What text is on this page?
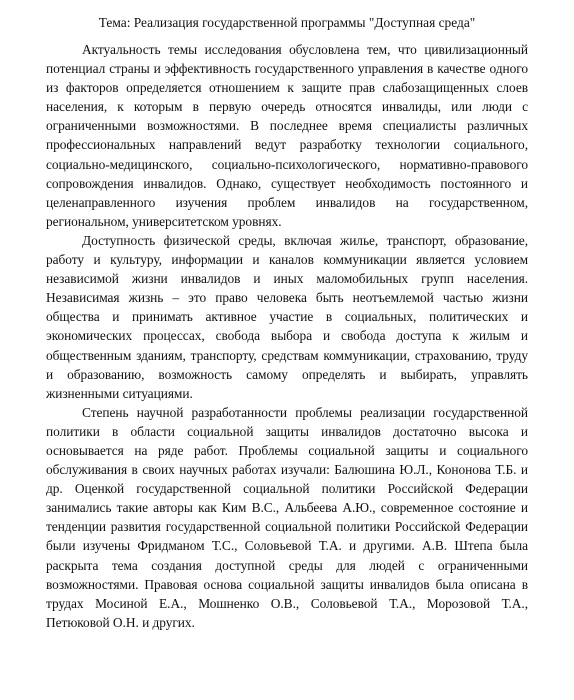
Тема: Реализация государственной программы "Доступная среда"

Актуальность темы исследования обусловлена тем, что цивилизационный потенциал страны и эффективность государственного управления в качестве одного из факторов определяется отношением к защите прав слабозащищенных слоев населения, к которым в первую очередь относятся инвалиды, или люди с ограниченными возможностями. В последнее время специалисты различных профессиональных направлений ведут разработку технологии социального, социально-медицинского, социально-психологического, нормативно-правового сопровождения инвалидов. Однако, существует необходимость постоянного и целенаправленного изучения проблем инвалидов на государственном, региональном, университетском уровнях.

Доступность физической среды, включая жилье, транспорт, образование, работу и культуру, информации и каналов коммуникации является условием независимой жизни инвалидов и иных маломобильных групп населения. Независимая жизнь – это право человека быть неотъемлемой частью жизни общества и принимать активное участие в социальных, политических и экономических процессах, свобода выбора и свобода доступа к жилым и общественным зданиям, транспорту, средствам коммуникации, страхованию, труду и образованию, возможность самому определять и выбирать, управлять жизненными ситуациями.

Степень научной разработанности проблемы реализации государственной политики в области социальной защиты инвалидов достаточно высока и основывается на ряде работ. Проблемы социальной защиты и социального обслуживания в своих научных работах изучали: Балюшина Ю.Л., Кононова Т.Б. и др. Оценкой государственной социальной политики Российской Федерации занимались такие авторы как Ким В.С., Альбеева А.Ю., современное состояние и тенденции развития государственной социальной политики Российской Федерации были изучены Фридманом Т.С., Соловьевой Т.А. и другими. А.В. Штепа была раскрыта тема создания доступной среды для людей с ограниченными возможностями. Правовая основа социальной защиты инвалидов была описана в трудах Мосиной Е.А., Мошненко О.В., Соловьевой Т.А., Морозовой Т.А., Петюковой О.Н. и других.
